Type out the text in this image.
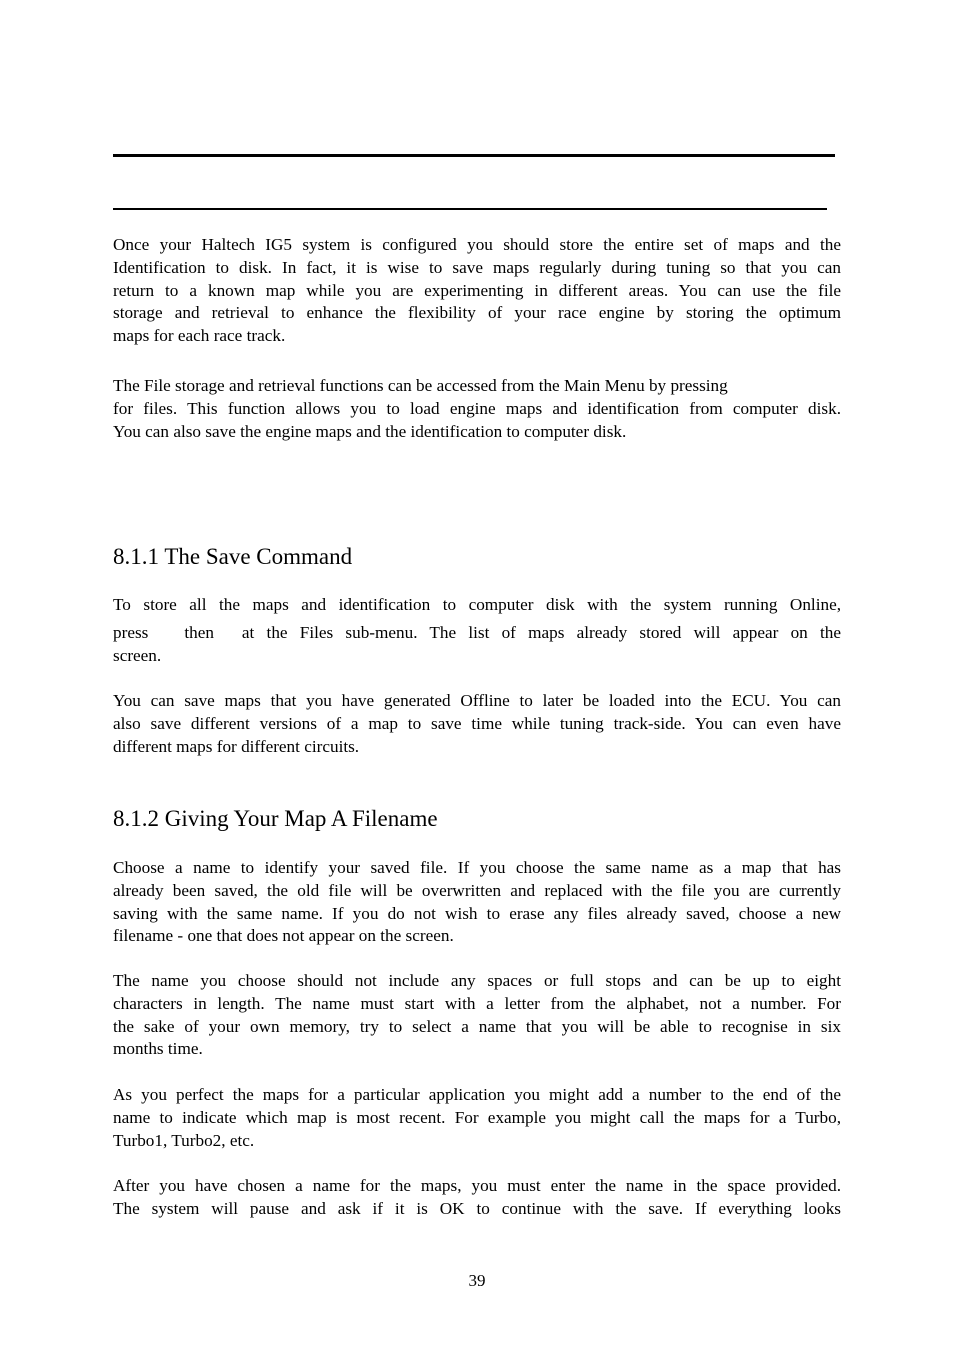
Once your Haltech IG5 system is configured you should store the entire set of maps and the
Identification to disk. In fact, it is wise to save maps regularly during tuning so that you can
return to a known map while you are experimenting in different areas. You can use the file
storage and retrieval to enhance the flexibility of your race engine by storing the optimum
maps for each race track.

The File storage and retrieval functions can be accessed from the Main Menu by pressing
for files. This function allows you to load engine maps and identification from computer disk.
You can also save the engine maps and the identification to computer disk.

8.1.1 The Save Command

To store all the maps and identification to computer disk with the system running Online,
press then at the Files sub-menu. The list of maps already stored will appear on the
screen.

You can save maps that you have generated Offline to later be loaded into the ECU. You can
also save different versions of a map to save time while tuning track-side. You can even have
different maps for different circuits.

8.1.2 Giving Your Map A Filename

Choose a name to identify your saved file. If you choose the same name as a map that has
already been saved, the old file will be overwritten and replaced with the file you are currently
saving with the same name. If you do not wish to erase any files already saved, choose a new
filename - one that does not appear on the screen.

The name you choose should not include any spaces or full stops and can be up to eight
characters in length. The name must start with a letter from the alphabet, not a number. For
the sake of your own memory, try to select a name that you will be able to recognise in six
months time.

As you perfect the maps for a particular application you might add a number to the end of the
name to indicate which map is most recent. For example you might call the maps for a Turbo,
Turbo1, Turbo2, etc.

After you have chosen a name for the maps, you must enter the name in the space provided.
The system will pause and ask if it is OK to continue with the save. If everything looks

39
